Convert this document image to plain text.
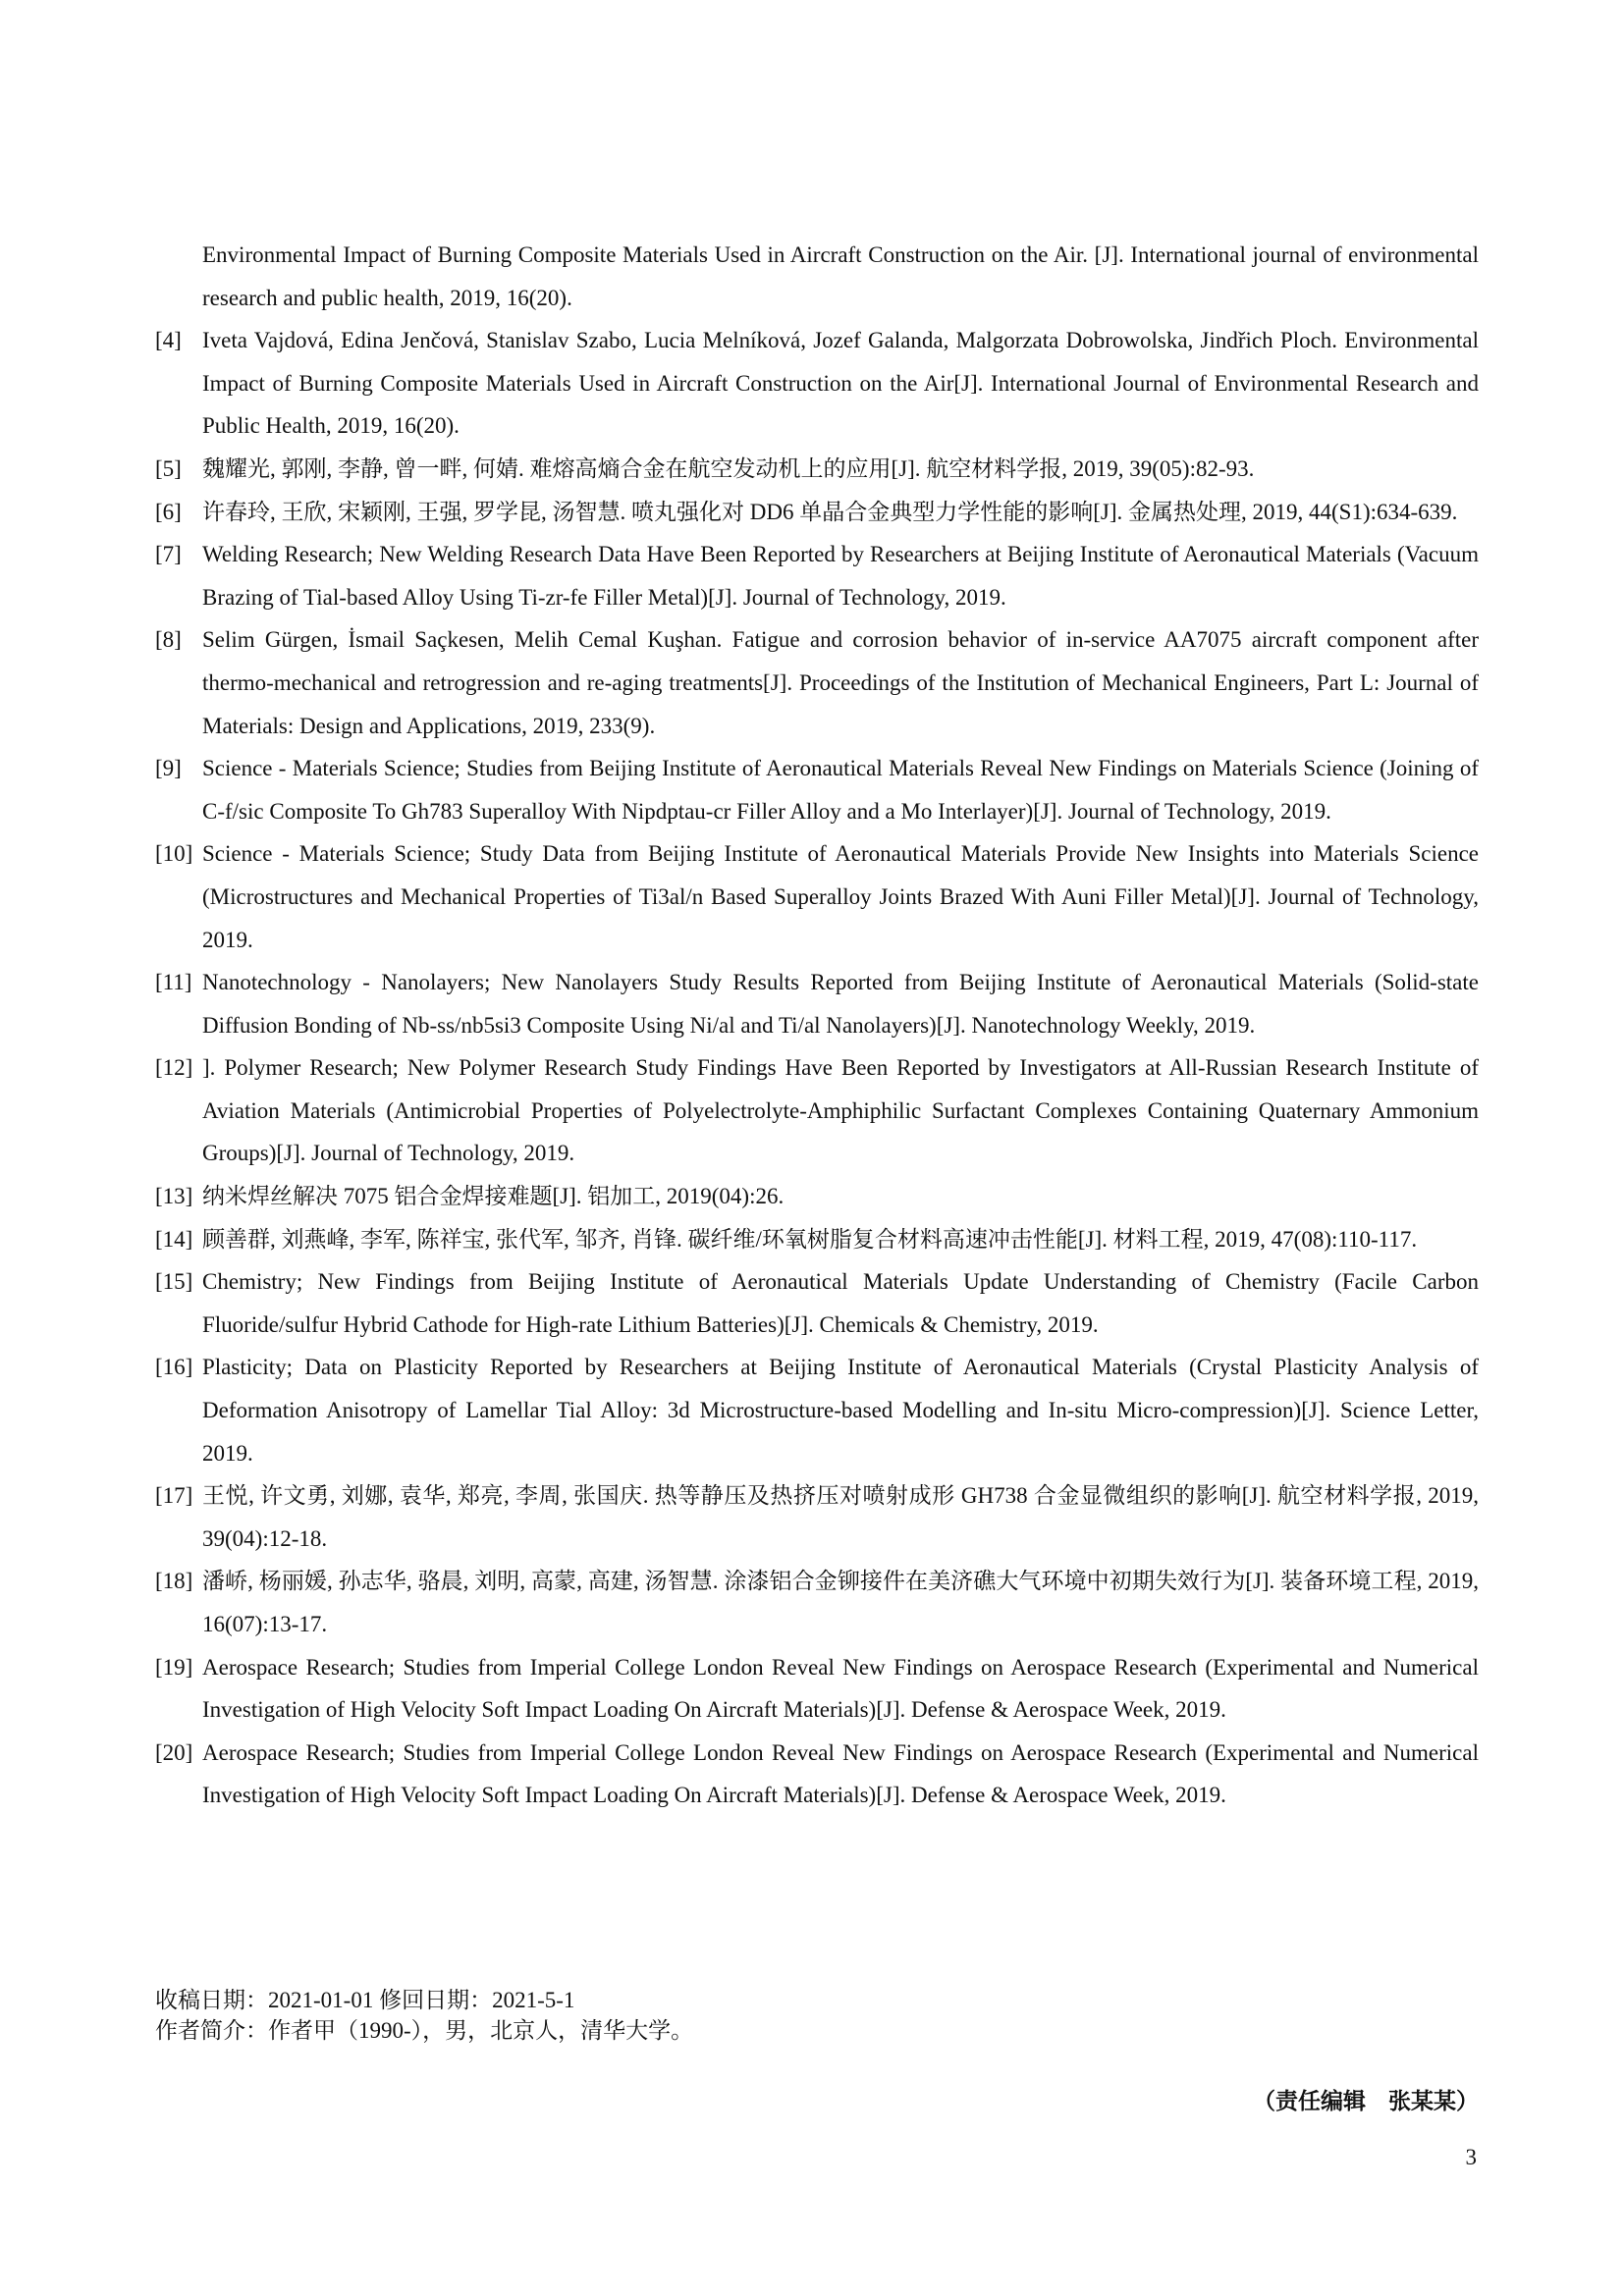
Environmental Impact of Burning Composite Materials Used in Aircraft Construction on the Air. [J]. International journal of environmental research and public health, 2019, 16(20).
[4] Iveta Vajdová, Edina Jenčová, Stanislav Szabo, Lucia Melníková, Jozef Galanda, Malgorzata Dobrowolska, Jindřich Ploch. Environmental Impact of Burning Composite Materials Used in Aircraft Construction on the Air[J]. International Journal of Environmental Research and Public Health, 2019, 16(20).
[5] 魏耀光, 郭刚, 李静, 曾一畔, 何婧. 难熔高熵合金在航空发动机上的应用[J]. 航空材料学报, 2019, 39(05):82-93.
[6] 许春玲, 王欣, 宋颖刚, 王强, 罗学昆, 汤智慧. 喷丸强化对 DD6 单晶合金典型力学性能的影响[J]. 金属热处理, 2019, 44(S1):634-639.
[7] Welding Research; New Welding Research Data Have Been Reported by Researchers at Beijing Institute of Aeronautical Materials (Vacuum Brazing of Tial-based Alloy Using Ti-zr-fe Filler Metal)[J]. Journal of Technology, 2019.
[8] Selim Gürgen, İsmail Saçkesen, Melih Cemal Kuşhan. Fatigue and corrosion behavior of in-service AA7075 aircraft component after thermo-mechanical and retrogression and re-aging treatments[J]. Proceedings of the Institution of Mechanical Engineers, Part L: Journal of Materials: Design and Applications, 2019, 233(9).
[9] Science - Materials Science; Studies from Beijing Institute of Aeronautical Materials Reveal New Findings on Materials Science (Joining of C-f/sic Composite To Gh783 Superalloy With Nipdptau-cr Filler Alloy and a Mo Interlayer)[J]. Journal of Technology, 2019.
[10] Science - Materials Science; Study Data from Beijing Institute of Aeronautical Materials Provide New Insights into Materials Science (Microstructures and Mechanical Properties of Ti3al/n Based Superalloy Joints Brazed With Auni Filler Metal)[J]. Journal of Technology, 2019.
[11] Nanotechnology - Nanolayers; New Nanolayers Study Results Reported from Beijing Institute of Aeronautical Materials (Solid-state Diffusion Bonding of Nb-ss/nb5si3 Composite Using Ni/al and Ti/al Nanolayers)[J]. Nanotechnology Weekly, 2019.
[12] ]. Polymer Research; New Polymer Research Study Findings Have Been Reported by Investigators at All-Russian Research Institute of Aviation Materials (Antimicrobial Properties of Polyelectrolyte-Amphiphilic Surfactant Complexes Containing Quaternary Ammonium Groups)[J]. Journal of Technology, 2019.
[13] 纳米焊丝解决 7075 铝合金焊接难题[J]. 铝加工, 2019(04):26.
[14] 顾善群, 刘燕峰, 李军, 陈祥宝, 张代军, 邹齐, 肖锋. 碳纤维/环氧树脂复合材料高速冲击性能[J]. 材料工程, 2019, 47(08):110-117.
[15] Chemistry; New Findings from Beijing Institute of Aeronautical Materials Update Understanding of Chemistry (Facile Carbon Fluoride/sulfur Hybrid Cathode for High-rate Lithium Batteries)[J]. Chemicals & Chemistry, 2019.
[16] Plasticity; Data on Plasticity Reported by Researchers at Beijing Institute of Aeronautical Materials (Crystal Plasticity Analysis of Deformation Anisotropy of Lamellar Tial Alloy: 3d Microstructure-based Modelling and In-situ Micro-compression)[J]. Science Letter, 2019.
[17] 王悦, 许文勇, 刘娜, 袁华, 郑亮, 李周, 张国庆. 热等静压及热挤压对喷射成形 GH738 合金显微组织的影响[J]. 航空材料学报, 2019, 39(04):12-18.
[18] 潘峤, 杨丽媛, 孙志华, 骆晨, 刘明, 高蒙, 高建, 汤智慧. 涂漆铝合金铆接件在美济礁大气环境中初期失效行为[J]. 装备环境工程, 2019, 16(07):13-17.
[19] Aerospace Research; Studies from Imperial College London Reveal New Findings on Aerospace Research (Experimental and Numerical Investigation of High Velocity Soft Impact Loading On Aircraft Materials)[J]. Defense & Aerospace Week, 2019.
[20] Aerospace Research; Studies from Imperial College London Reveal New Findings on Aerospace Research (Experimental and Numerical Investigation of High Velocity Soft Impact Loading On Aircraft Materials)[J]. Defense & Aerospace Week, 2019.
收稿日期：2021-01-01 修回日期：2021-5-1
作者简介：作者甲（1990-），男，北京人，清华大学。
（责任编辑　张某某）
3
